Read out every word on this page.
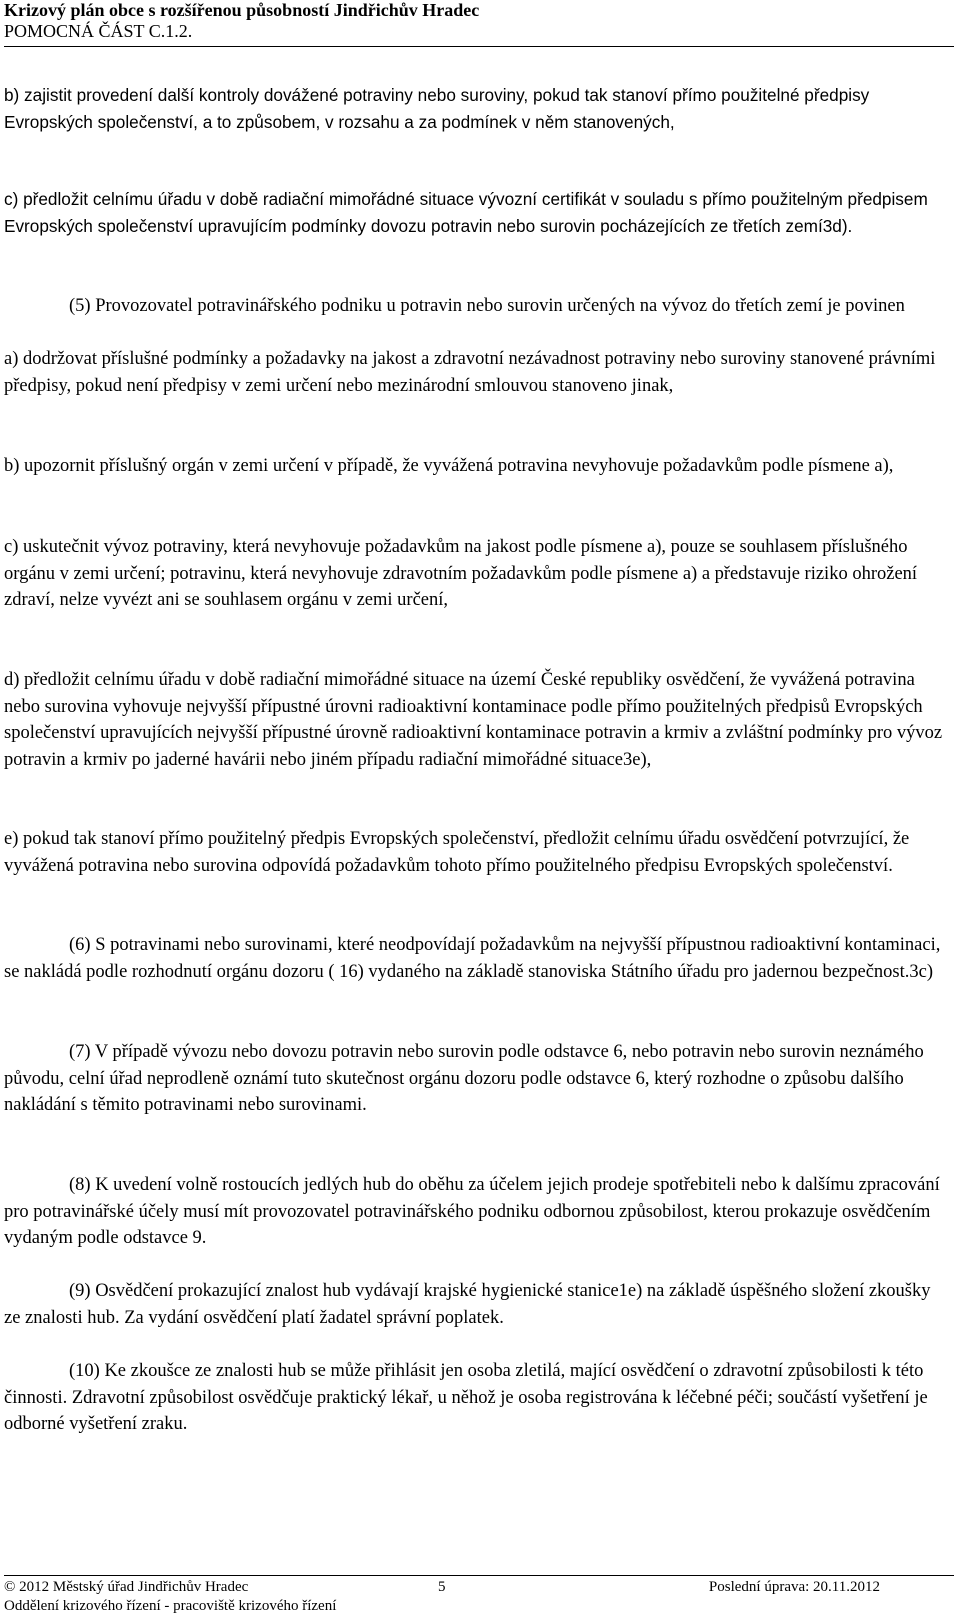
Krizový plán obce s rozšířenou působností Jindřichův Hradec
POMOCNÁ ČÁST C.1.2.
b) zajistit provedení další kontroly dovážené potraviny nebo suroviny, pokud tak stanoví přímo použitelné předpisy Evropských společenství, a to způsobem, v rozsahu a za podmínek v něm stanovených,
c) předložit celnímu úřadu v době radiační mimořádné situace vývozní certifikát v souladu s přímo použitelným předpisem Evropských společenství upravujícím podmínky dovozu potravin nebo surovin pocházejících ze třetích zemí3d).
(5) Provozovatel potravinářského podniku u potravin nebo surovin určených na vývoz do třetích zemí je povinen
a) dodržovat příslušné podmínky a požadavky na jakost a zdravotní nezávadnost potraviny nebo suroviny stanovené právními předpisy, pokud není předpisy v zemi určení nebo mezinárodní smlouvou stanoveno jinak,
b) upozornit příslušný orgán v zemi určení v případě, že vyvážená potravina nevyhovuje požadavkům podle písmene a),
c) uskutečnit vývoz potraviny, která nevyhovuje požadavkům na jakost podle písmene a), pouze se souhlasem příslušného orgánu v zemi určení; potravinu, která nevyhovuje zdravotním požadavkům podle písmene a) a představuje riziko ohrožení zdraví, nelze vyvézt ani se souhlasem orgánu v zemi určení,
d) předložit celnímu úřadu v době radiační mimořádné situace na území České republiky osvědčení, že vyvážená potravina nebo surovina vyhovuje nejvyšší přípustné úrovni radioaktivní kontaminace podle přímo použitelných předpisů Evropských společenství upravujících nejvyšší přípustné úrovně radioaktivní kontaminace potravin a krmiv a zvláštní podmínky pro vývoz potravin a krmiv po jaderné havárii nebo jiném případu radiační mimořádné situace3e),
e) pokud tak stanoví přímo použitelný předpis Evropských společenství, předložit celnímu úřadu osvědčení potvrzující, že vyvážená potravina nebo surovina odpovídá požadavkům tohoto přímo použitelného předpisu Evropských společenství.
(6) S potravinami nebo surovinami, které neodpovídají požadavkům na nejvyšší přípustnou radioaktivní kontaminaci, se nakládá podle rozhodnutí orgánu dozoru ( 16) vydaného na základě stanoviska Státního úřadu pro jadernou bezpečnost.3c)
(7) V případě vývozu nebo dovozu potravin nebo surovin podle odstavce 6, nebo potravin nebo surovin neznámého původu, celní úřad neprodleně oznámí tuto skutečnost orgánu dozoru podle odstavce 6, který rozhodne o způsobu dalšího nakládání s těmito potravinami nebo surovinami.
(8) K uvedení volně rostoucích jedlých hub do oběhu za účelem jejich prodeje spotřebiteli nebo k dalšímu zpracování pro potravinářské účely musí mít provozovatel potravinářského podniku odbornou způsobilost, kterou prokazuje osvědčením vydaným podle odstavce 9.
(9) Osvědčení prokazující znalost hub vydávají krajské hygienické stanice1e) na základě úspěšného složení zkoušky ze znalosti hub. Za vydání osvědčení platí žadatel správní poplatek.
(10) Ke zkoušce ze znalosti hub se může přihlásit jen osoba zletilá, mající osvědčení o zdravotní způsobilosti k této činnosti. Zdravotní způsobilost osvědčuje praktický lékař, u něhož je osoba registrována k léčebné péči; součástí vyšetření je odborné vyšetření zraku.
© 2012 Městský úřad Jindřichův Hradec	5	Poslední úprava: 20.11.2012
Oddělení krizového řízení - pracoviště krizového řízení
